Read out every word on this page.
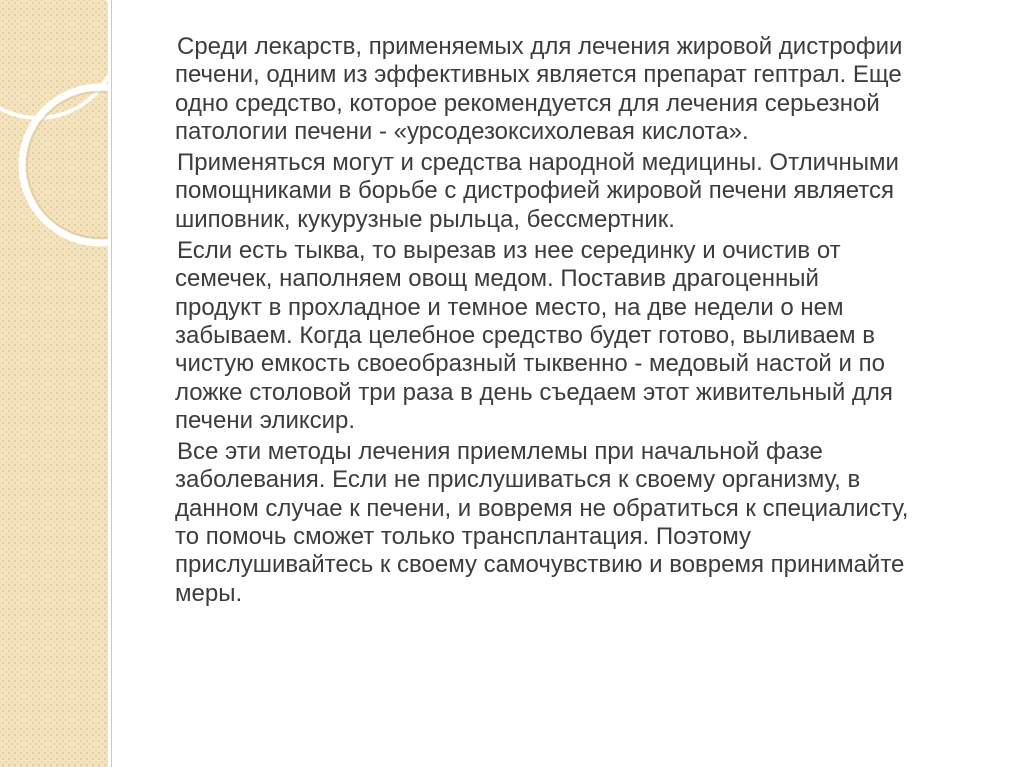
Среди лекарств, применяемых для лечения жировой дистрофии
печени, одним из эффективных является препарат гептрал. Еще
одно средство, которое рекомендуется для лечения серьезной
патологии печени - «урсодезоксихолевая кислота».
Применяться могут и средства народной медицины. Отличными
помощниками в борьбе с дистрофией жировой печени является
шиповник, кукурузные рыльца, бессмертник.
Если есть тыква, то вырезав из нее серединку и очистив от
семечек, наполняем овощ медом. Поставив драгоценный
продукт в прохладное и темное место, на две недели о нем
забываем. Когда целебное средство будет готово, выливаем в
чистую емкость своеобразный тыквенно - медовый настой и по
ложке столовой три раза в день съедаем этот живительный для
печени эликсир.
Все эти методы лечения приемлемы при начальной фазе
заболевания. Если не прислушиваться к своему организму, в
данном случае к печени, и вовремя не обратиться к специалисту,
то помочь сможет только трансплантация. Поэтому
прислушивайтесь к своему самочувствию и вовремя принимайте
меры.
